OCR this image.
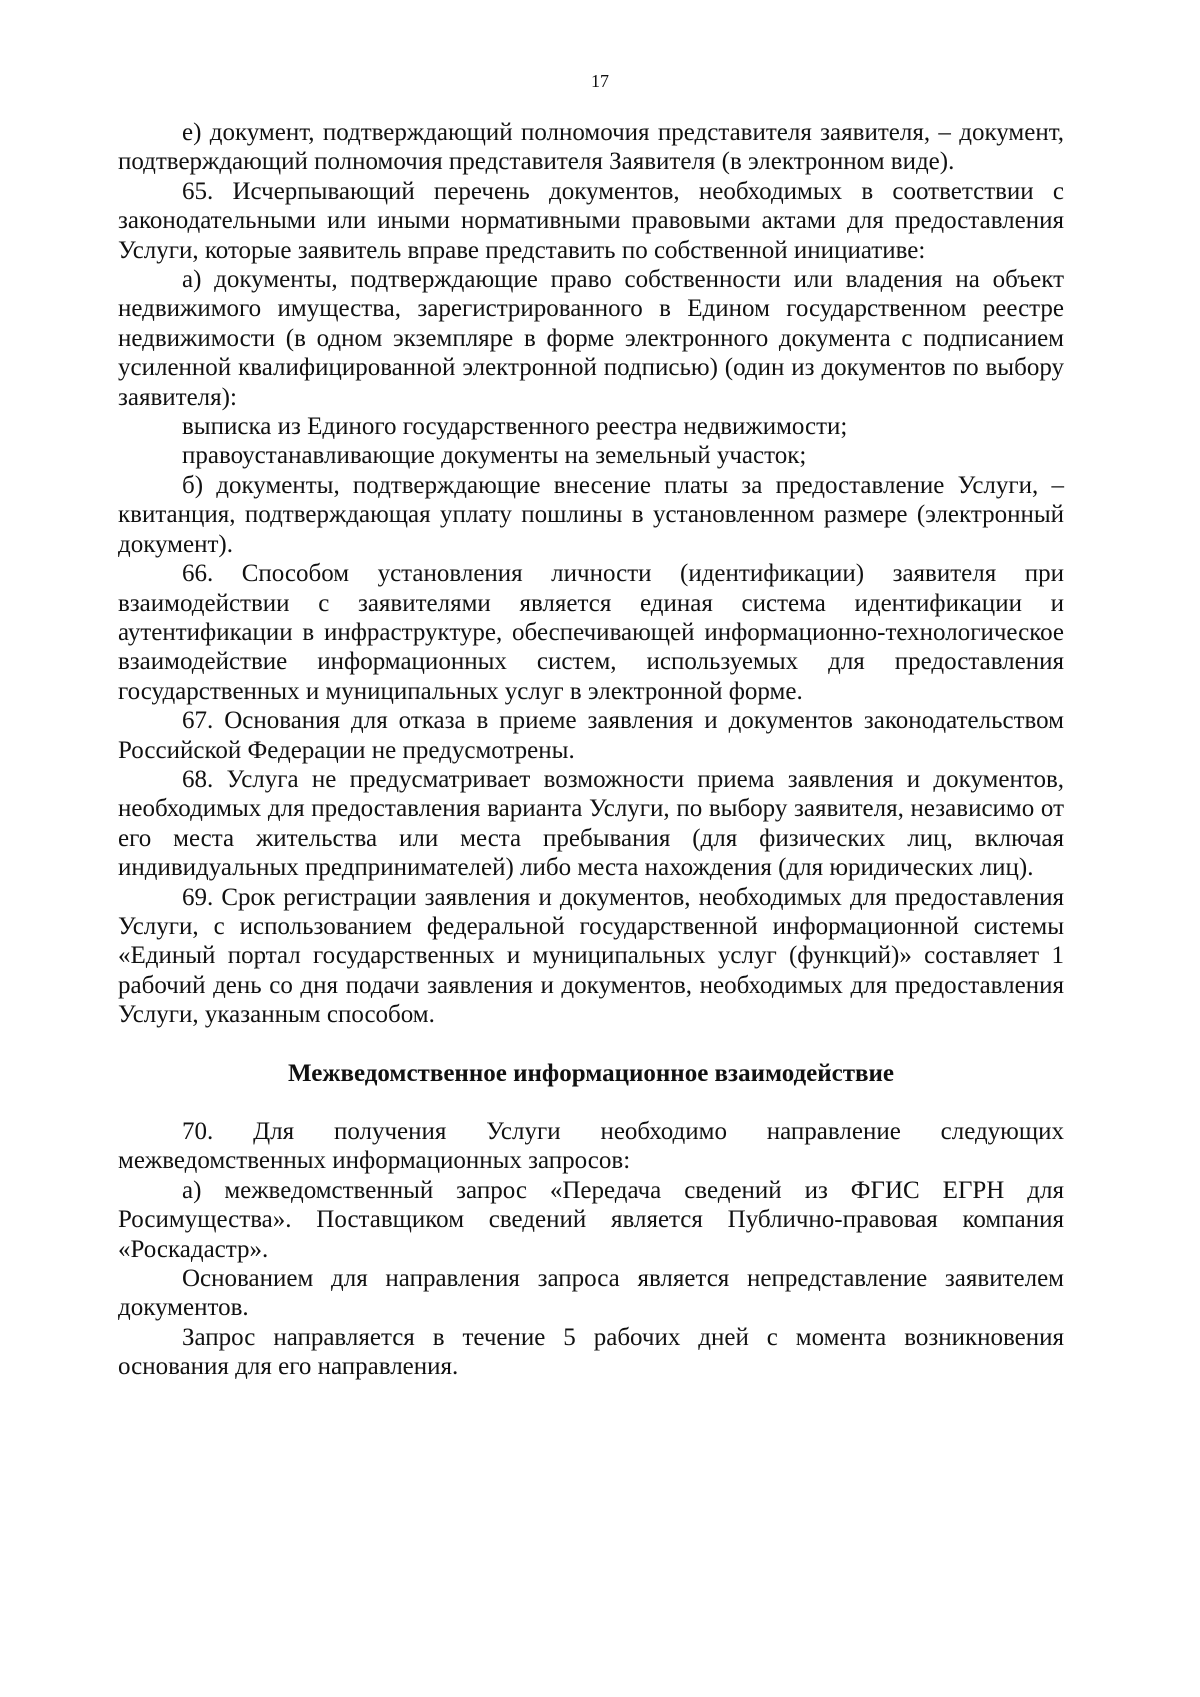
17

е) документ, подтверждающий полномочия представителя заявителя, – документ, подтверждающий полномочия представителя Заявителя (в электронном виде).

65. Исчерпывающий перечень документов, необходимых в соответствии с законодательными или иными нормативными правовыми актами для предоставления Услуги, которые заявитель вправе представить по собственной инициативе:

а) документы, подтверждающие право собственности или владения на объект недвижимого имущества, зарегистрированного в Едином государственном реестре недвижимости (в одном экземпляре в форме электронного документа с подписанием усиленной квалифицированной электронной подписью) (один из документов по выбору заявителя):

выписка из Единого государственного реестра недвижимости;

правоустанавливающие документы на земельный участок;

б) документы, подтверждающие внесение платы за предоставление Услуги, – квитанция, подтверждающая уплату пошлины в установленном размере (электронный документ).

66. Способом установления личности (идентификации) заявителя при взаимодействии с заявителями является единая система идентификации и аутентификации в инфраструктуре, обеспечивающей информационно-технологическое взаимодействие информационных систем, используемых для предоставления государственных и муниципальных услуг в электронной форме.

67. Основания для отказа в приеме заявления и документов законодательством Российской Федерации не предусмотрены.

68. Услуга не предусматривает возможности приема заявления и документов, необходимых для предоставления варианта Услуги, по выбору заявителя, независимо от его места жительства или места пребывания (для физических лиц, включая индивидуальных предпринимателей) либо места нахождения (для юридических лиц).

69. Срок регистрации заявления и документов, необходимых для предоставления Услуги, с использованием федеральной государственной информационной системы «Единый портал государственных и муниципальных услуг (функций)» составляет 1 рабочий день со дня подачи заявления и документов, необходимых для предоставления Услуги, указанным способом.

Межведомственное информационное взаимодействие

70. Для получения Услуги необходимо направление следующих межведомственных информационных запросов:

а) межведомственный запрос «Передача сведений из ФГИС ЕГРН для Росимущества». Поставщиком сведений является Публично-правовая компания «Роскадастр».

Основанием для направления запроса является непредставление заявителем документов.

Запрос направляется в течение 5 рабочих дней с момента возникновения основания для его направления.
